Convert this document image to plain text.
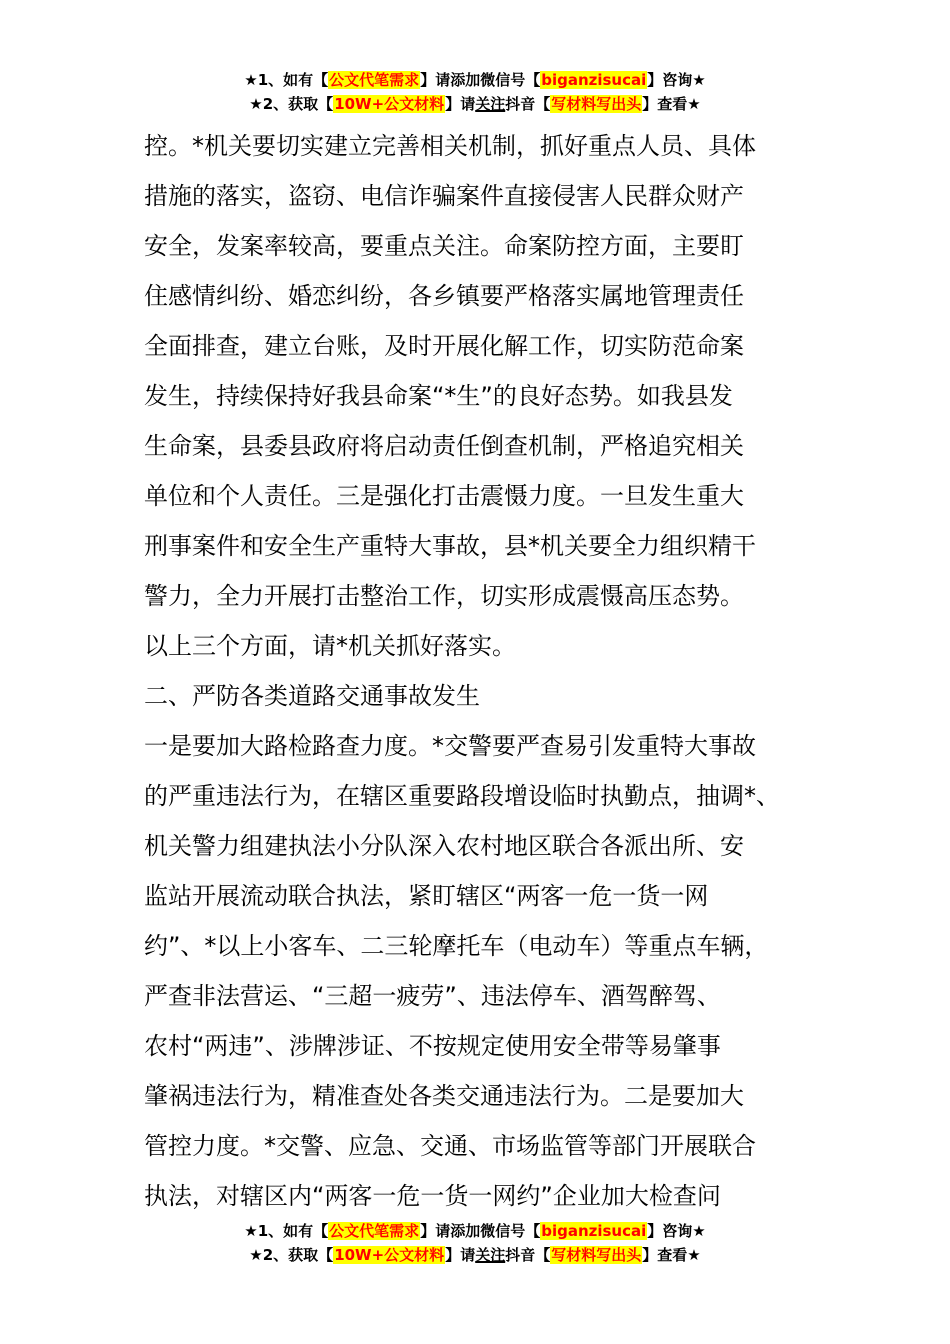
★1、如有【公文代笔需求】请添加微信号【biganzisucai】咨询★
★2、获取【10W+公文材料】请关注抖音【写材料写出头】查看★

控。*机关要切实建立完善相关机制，抓好重点人员、具体

措施的落实，盗窃、电信诈骗案件直接侵害人民群众财产

安全，发案率较高，要重点关注。命案防控方面，主要盯

住感情纠纷、婚恋纠纷，各乡镇要严格落实属地管理责任

全面排查，建立台账，及时开展化解工作，切实防范命案

发生，持续保持好我县命案“*生”的良好态势。如我县发

生命案，县委县政府将启动责任倒查机制，严格追究相关

单位和个人责任。三是强化打击震慑力度。一旦发生重大

刑事案件和安全生产重特大事故，县*机关要全力组织精干

警力，全力开展打击整治工作，切实形成震慑高压态势。

以上三个方面，请*机关抓好落实。

二、严防各类道路交通事故发生

一是要加大路检路查力度。*交警要严查易引发重特大事故

的严重违法行为，在辖区重要路段增设临时执勤点，抽调*、

机关警力组建执法小分队深入农村地区联合各派出所、安

监站开展流动联合执法，紧盯辖区“两客一危一货一网

约”、*以上小客车、二三轮摩托车（电动车）等重点车辆，

严查非法营运、“三超一疲劳”、违法停车、酒驾醉驾、

农村“两违”、涉牌涉证、不按规定使用安全带等易肇事

肇祸违法行为，精准查处各类交通违法行为。二是要加大

管控力度。*交警、应急、交通、市场监管等部门开展联合

执法，对辖区内“两客一危一货一网约”企业加大检查问

★1、如有【公文代笔需求】请添加微信号【biganzisucai】咨询★
★2、获取【10W+公文材料】请关注抖音【写材料写出头】查看★
